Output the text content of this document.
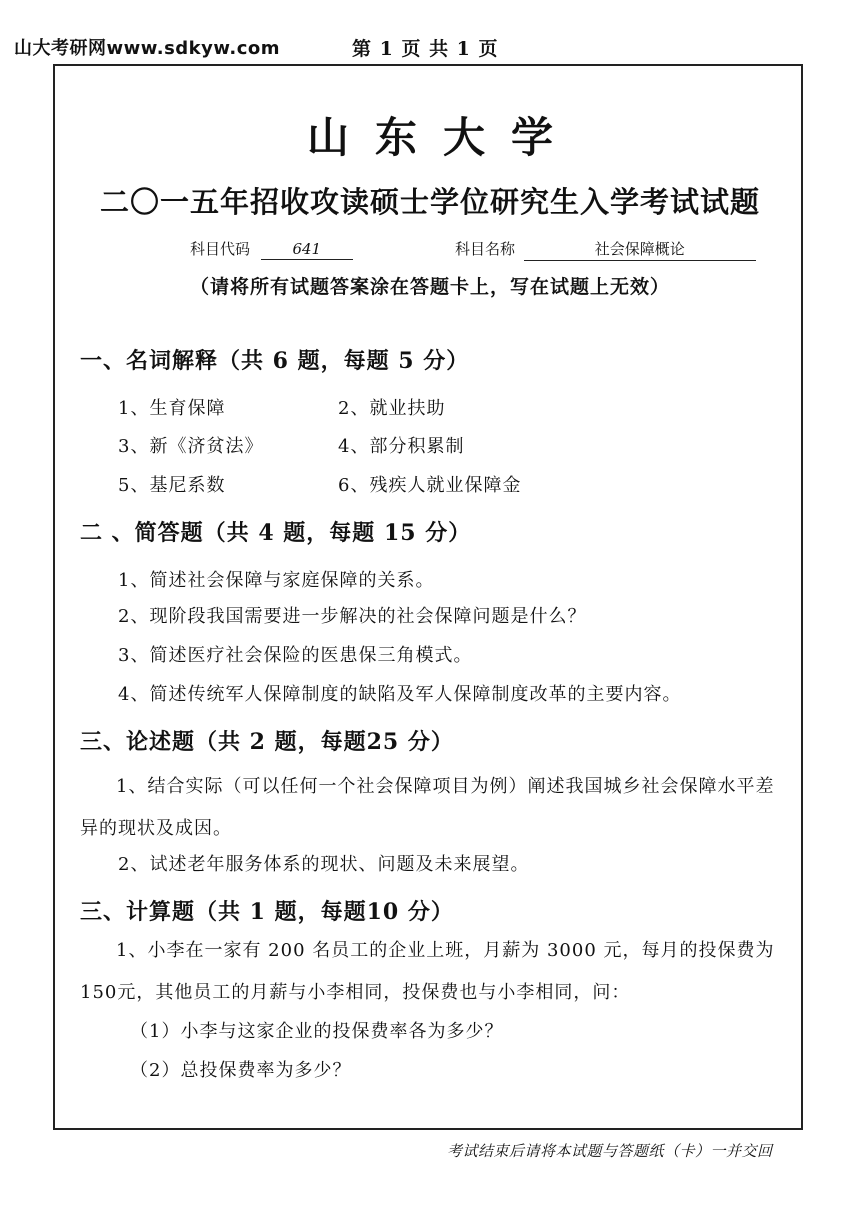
山大考研网www.sdkyw.com	第 1 页 共 1 页
山东大学
二〇一五年招收攻读硕士学位研究生入学考试试题
科目代码	641	科目名称	社会保障概论
（请将所有试题答案涂在答题卡上，写在试题上无效）
一、名词解释（共 6 题，每题 5 分）
1、生育保障	2、就业扶助
3、新《济贫法》	4、部分积累制
5、基尼系数	6、残疾人就业保障金
二 、简答题（共 4 题，每题 15 分）
1、简述社会保障与家庭保障的关系。
2、现阶段我国需要进一步解决的社会保障问题是什么？
3、简述医疗社会保险的医患保三角模式。
4、简述传统军人保障制度的缺陷及军人保障制度改革的主要内容。
三、论述题（共 2 题，每题25 分）
1、结合实际（可以任何一个社会保障项目为例）阐述我国城乡社会保障水平差异的现状及成因。
2、试述老年服务体系的现状、问题及未来展望。
三、计算题（共 1 题，每题10 分）
1、小李在一家有 200 名员工的企业上班，月薪为 3000 元，每月的投保费为150元，其他员工的月薪与小李相同，投保费也与小李相同，问：
（1）小李与这家企业的投保费率各为多少？
（2）总投保费率为多少？
考试结束后请将本试题与答题纸（卡）一并交回
